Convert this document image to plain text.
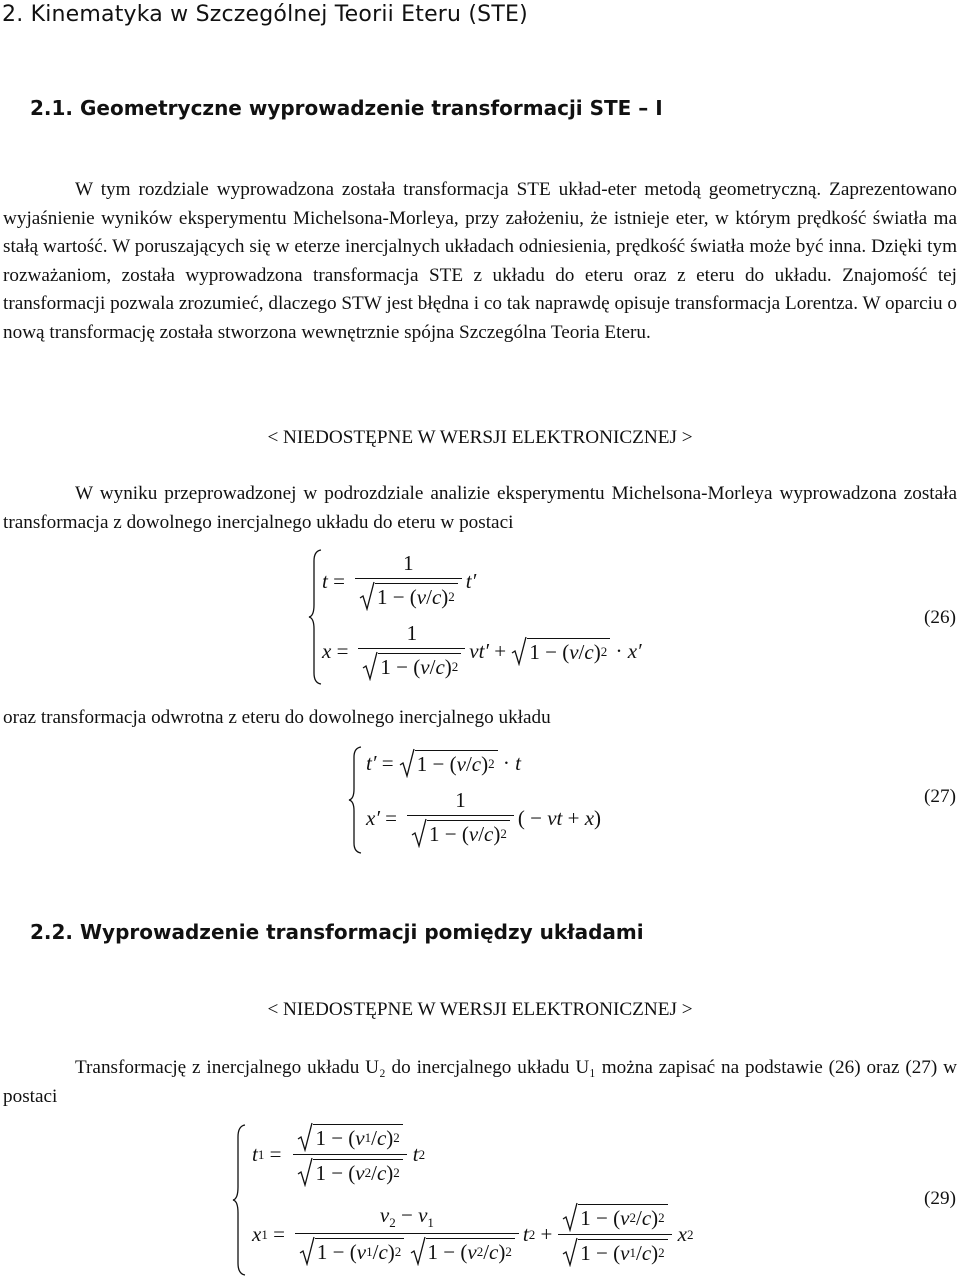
2. Kinematyka w Szczególnej Teorii Eteru (STE)
2.1. Geometryczne wyprowadzenie transformacji STE – I
W tym rozdziale wyprowadzona została transformacja STE układ-eter metodą geometryczną. Zaprezentowano wyjaśnienie wyników eksperymentu Michelsona-Morleya, przy założeniu, że istnieje eter, w którym prędkość światła ma stałą wartość. W poruszających się w eterze inercjalnych układach odniesienia, prędkość światła może być inna. Dzięki tym rozważaniom, została wyprowadzona transformacja STE z układu do eteru oraz z eteru do układu. Znajomość tej transformacji pozwala zrozumieć, dlaczego STW jest błędna i co tak naprawdę opisuje transformacja Lorentza. W oparciu o nową transformację została stworzona wewnętrznie spójna Szczególna Teoria Eteru.
< NIEDOSTĘPNE W WERSJI ELEKTRONICZNEJ >
W wyniku przeprowadzonej w podrozdziale analizie eksperymentu Michelsona-Morleya wyprowadzona została transformacja z dowolnego inercjalnego układu do eteru w postaci
t
= $\frac{1}{1 - ( v / c ) 2} t'$
x
= $\frac{1}{1 - ( v / c ) 2} vt'$
+
1 − ( v / c ) 2
·
x′
(26)
oraz transformacja odwrotna z eteru do dowolnego inercjalnego układu
t′
=
1 − ( v / c ) 2
·
t
x′
= $\frac{1}{1 - ( v / c ) 2}$ ( −
vt
+
x )
(27)
2.2. Wyprowadzenie transformacji pomiędzy układami
< NIEDOSTĘPNE W WERSJI ELEKTRONICZNEJ >
Transformację z inercjalnego układu U₂ do inercjalnego układu U₁ można zapisać na podstawie (26) oraz (27) w postaci
t 1
= $\frac{1 - ( v 1 / c ) 2}{1 - ( v 2 / c ) 2}$ t 2
x 1
= $v_2 - v_1$
1 − ( v 1 / c ) 2
1 − ( v 2 / c ) 2 t 2
+ $\frac{1 - ( v 2 / c ) 2}{1 - ( v 1 / c ) 2}$ x 2
(29)
